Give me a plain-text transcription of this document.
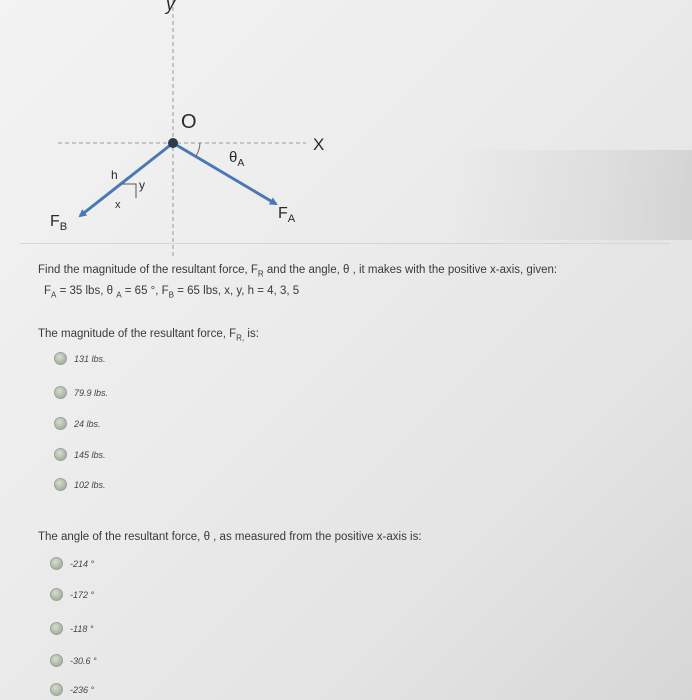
y
O
X
$\theta_A$
$F_A$
$F_B$
h
y
x
Find the magnitude of the resultant force, $F_R$ and the angle, θ , it makes with the positive x-axis, given:
$F_A = 35$ lbs, θ $_A$ = 65 °, $F_B = 65$ lbs, x, y, h = 4, 3, 5
The magnitude of the resultant force, $F_{R,}$ is:
131 lbs.
79.9 lbs.
24 lbs.
145 lbs.
102 lbs.
The angle of the resultant force, θ , as measured from the positive x-axis is:
-214 °
-172 °
-118 °
-30.6 °
-236 °
